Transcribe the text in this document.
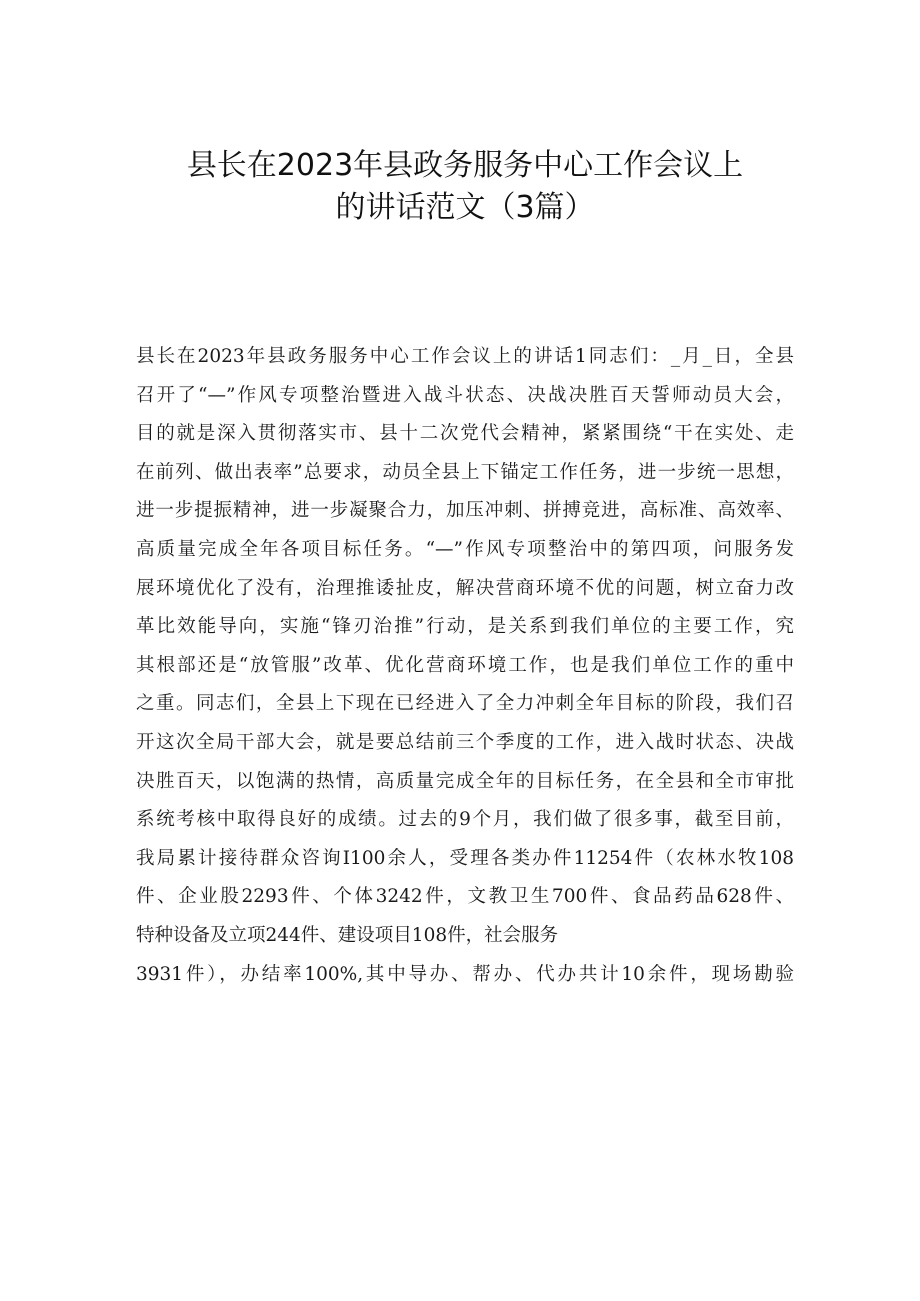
县长在2023年县政务服务中心工作会议上
的讲话范文（3篇）
县长在2023年县政务服务中心工作会议上的讲话1同志们：_月_日，全县
召开了“—”作风专项整治暨进入战斗状态、决战决胜百天誓师动员大会，
目的就是深入贯彻落实市、县十二次党代会精神，紧紧围绕“干在实处、走
在前列、做出表率”总要求，动员全县上下锚定工作任务，进一步统一思想，
进一步提振精神，进一步凝聚合力，加压冲刺、拼搏竞进，高标准、高效率、
高质量完成全年各项目标任务。“—”作风专项整治中的第四项，问服务发
展环境优化了没有，治理推诿扯皮，解决营商环境不优的问题，树立奋力改
革比效能导向，实施“锋刃治推”行动，是关系到我们单位的主要工作，究
其根部还是“放管服”改革、优化营商环境工作，也是我们单位工作的重中
之重。同志们，全县上下现在已经进入了全力冲刺全年目标的阶段，我们召
开这次全局干部大会，就是要总结前三个季度的工作，进入战时状态、决战
决胜百天，以饱满的热情，高质量完成全年的目标任务，在全县和全市审批
系统考核中取得良好的成绩。过去的9个月，我们做了很多事，截至目前，
我局累计接待群众咨询I100余人，受理各类办件11254件（农林水牧108
件、企业股2293件、个体3242件，文教卫生700件、食品药品628件、
特种设备及立项244件、建设项目108件，社会服务
3931件），办结率100%,其中导办、帮办、代办共计10余件，现场勘验
